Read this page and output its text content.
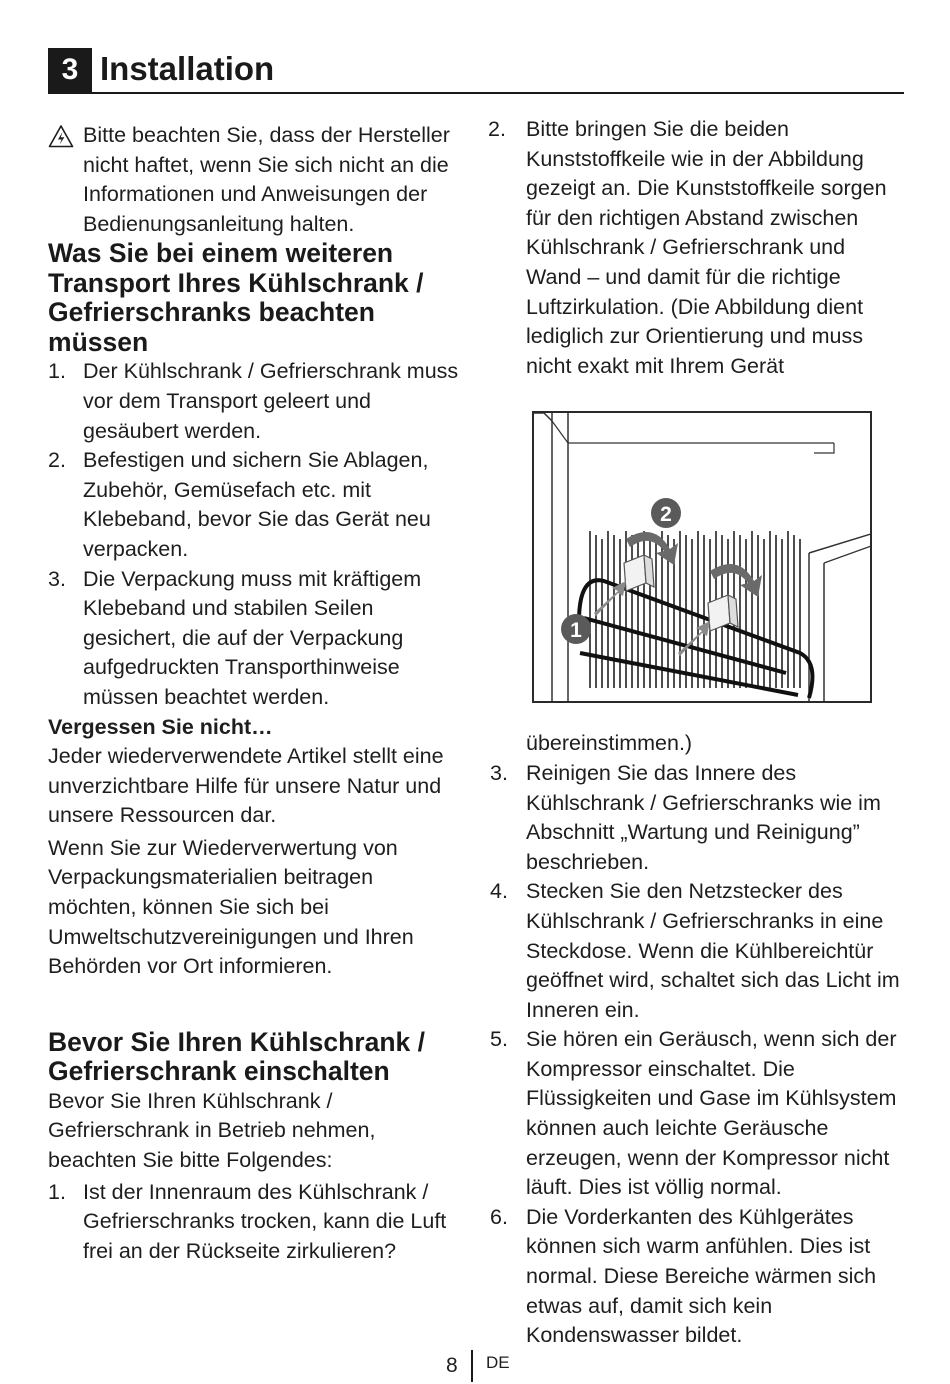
3 Installation
Bitte beachten Sie, dass der Hersteller nicht haftet, wenn Sie sich nicht an die Informationen und Anweisungen der Bedienungsanleitung halten.
Was Sie bei einem weiteren Transport Ihres Kühlschrank / Gefrierschranks beachten müssen
1. Der Kühlschrank / Gefrierschrank muss vor dem Transport geleert und gesäubert werden.
2. Befestigen und sichern Sie Ablagen, Zubehör, Gemüsefach etc. mit Klebeband, bevor Sie das Gerät neu verpacken.
3. Die Verpackung muss mit kräftigem Klebeband und stabilen Seilen gesichert, die auf der Verpackung aufgedruckten Transporthinweise müssen beachtet werden.
Vergessen Sie nicht…

Jeder wiederverwendete Artikel stellt eine unverzichtbare Hilfe für unsere Natur und unsere Ressourcen dar.

Wenn Sie zur Wiederverwertung von Verpackungsmaterialien beitragen möchten, können Sie sich bei Umweltschutzvereinigungen und Ihren Behörden vor Ort informieren.

Bevor Sie Ihren Kühlschrank / Gefrierschrank einschalten

Bevor Sie Ihren Kühlschrank / Gefrierschrank in Betrieb nehmen, beachten Sie bitte Folgendes:

1. Ist der Innenraum des Kühlschrank / Gefrierschranks trocken, kann die Luft frei an der Rückseite zirkulieren?
2. Bitte bringen Sie die beiden Kunststoffkeile wie in der Abbildung gezeigt an. Die Kunststoffkeile sorgen für den richtigen Abstand zwischen Kühlschrank / Gefrierschrank und Wand – und damit für die richtige Luftzirkulation. (Die Abbildung dient lediglich zur Orientierung und muss nicht exakt mit Ihrem Gerät
2
1
übereinstimmen.)
3. Reinigen Sie das Innere des Kühlschrank / Gefrierschranks wie im Abschnitt „Wartung und Reinigung” beschrieben.
4. Stecken Sie den Netzstecker des Kühlschrank / Gefrierschranks in eine Steckdose. Wenn die Kühlbereichtür geöffnet wird, schaltet sich das Licht im Inneren ein.
5. Sie hören ein Geräusch, wenn sich der Kompressor einschaltet. Die Flüssigkeiten und Gase im Kühlsystem können auch leichte Geräusche erzeugen, wenn der Kompressor nicht läuft. Dies ist völlig normal.
6. Die Vorderkanten des Kühlgerätes können sich warm anfühlen. Dies ist normal. Diese Bereiche wärmen sich etwas auf, damit sich kein Kondenswasser bildet.
8 DE
